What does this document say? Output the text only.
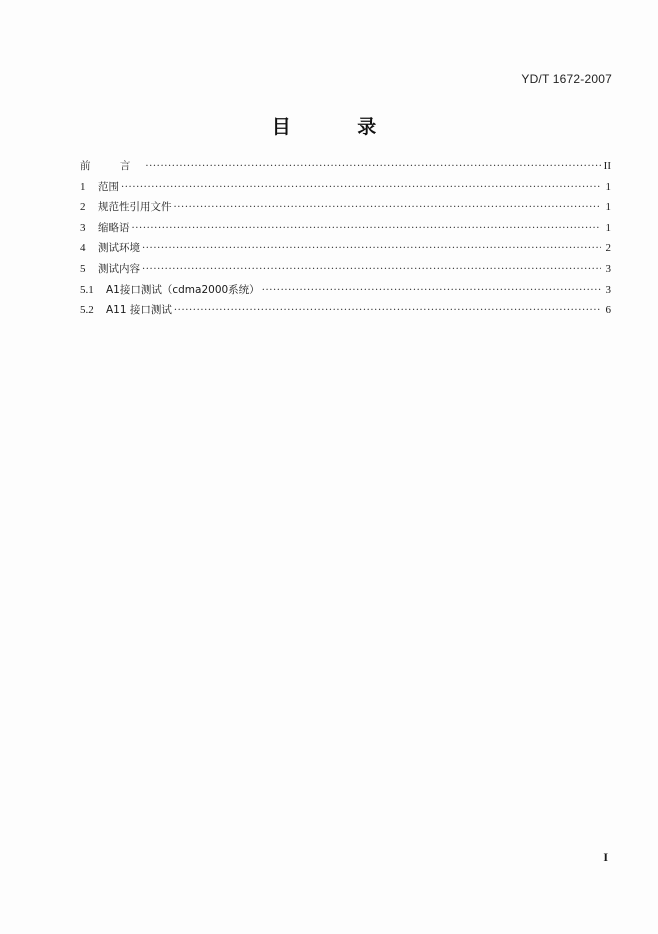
YD/T 1672-2007
目 录
前 言 ·····	II
1	范围 ·····	1
2	规范性引用文件 ·····	1
3	缩略语 ·····	1
4	测试环境 ·····	2
5	测试内容 ·····	3
5.1	A1接口测试（cdma2000系统） ·····	3
5.2	A11 接口测试 ·····	6
I
